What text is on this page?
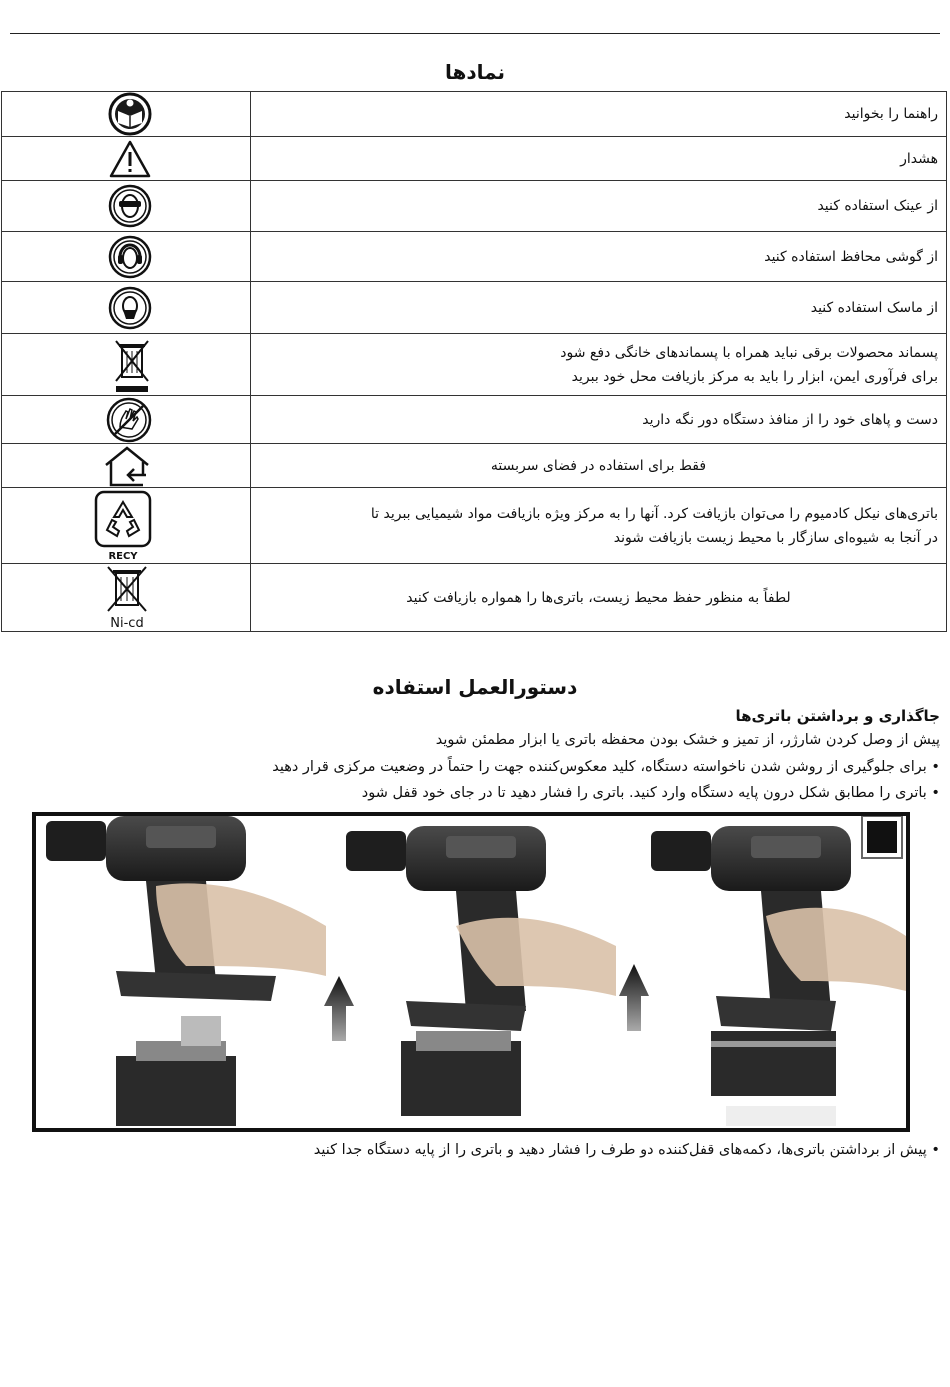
نمادها
راهنما را بخوانید

هشدار

از عینک استفاده کنید

از گوشی محافظ استفاده کنید

از ماسک استفاده کنید

پسماند محصولات برقی نباید همراه با پسماندهای خانگی دفع شود
برای فرآوری ایمن، ابزار را باید به مرکز بازیافت محل خود ببرید

دست و پاهای خود را از منافذ دستگاه دور نگه دارید

فقط برای استفاده در فضای سربسته

باتری‌های نیکل کادمیوم را می‌توان بازیافت کرد. آنها را به مرکز ویژه بازیافت مواد شیمیایی ببرید تا
در آنجا به شیوه‌ای سازگار با محیط زیست بازیافت شوند	RECY

لطفاً به منظور حفظ محیط زیست، باتری‌ها را همواره بازیافت کنید	Ni-cd
دستورالعمل استفاده
جاگذاری و برداشتن باتری‌ها
پیش از وصل کردن شارژر، از تمیز و خشک بودن محفظه باتری یا ابزار مطمئن شوید
• برای جلوگیری از روشن شدن ناخواسته دستگاه، کلید معکوس‌کننده جهت را حتماً در وضعیت مرکزی قرار دهید
• باتری را مطابق شکل درون پایه دستگاه وارد کنید. باتری را فشار دهید تا در جای خود قفل شود
• پیش از برداشتن باتری‌ها، دکمه‌های قفل‌کننده دو طرف را فشار دهید و باتری را از پایه دستگاه جدا کنید
